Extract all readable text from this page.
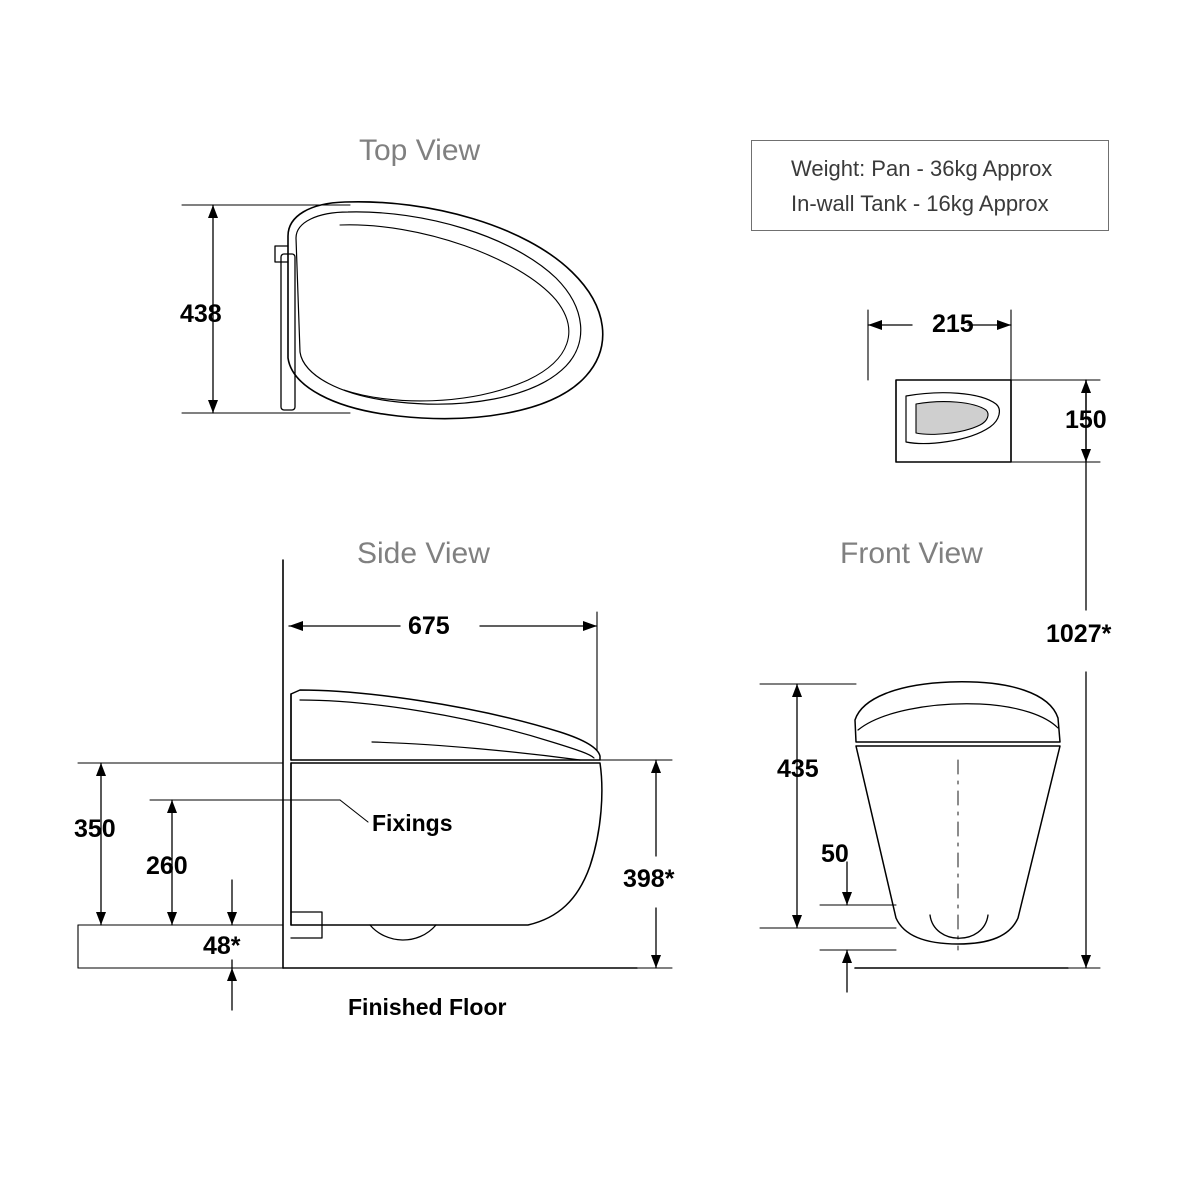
Top View
Side View	Front View
Weight: Pan - 36kg Approx
In-wall Tank - 16kg Approx
438
675
350
260
48*
398*
Fixings
Finished Floor
435
50
215
150
1027*
